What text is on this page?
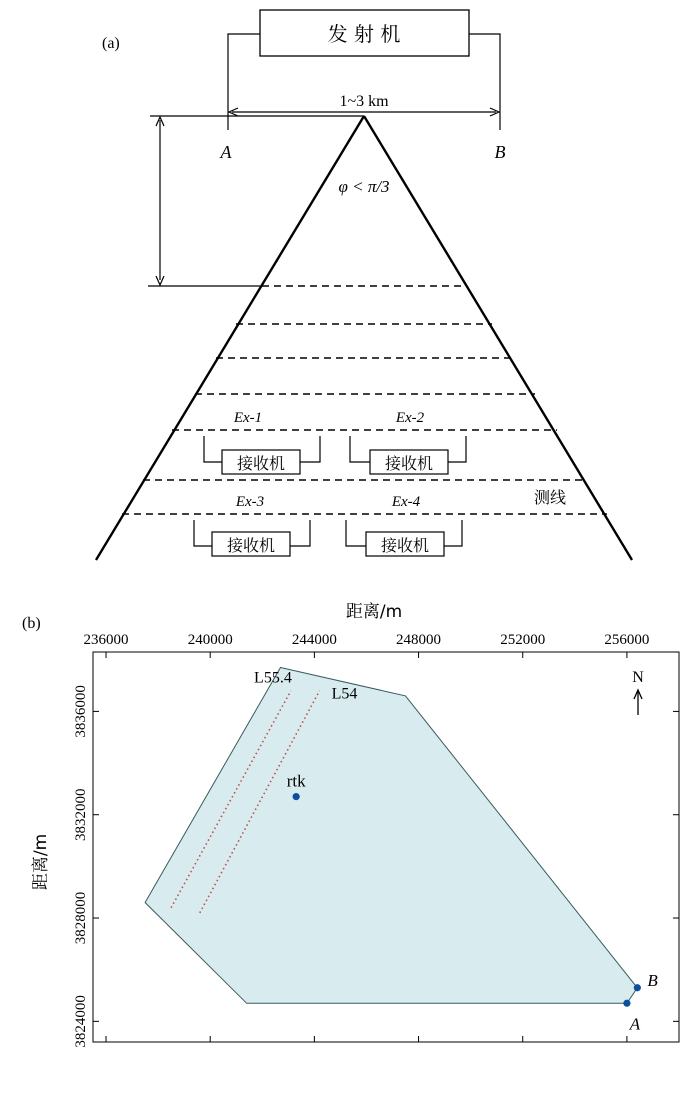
(a)	发 射 机
1~3 km
A	B
φ < π/3
Ex-1	Ex-2
Ex-3	Ex-4
接收机	接收机
接收机	接收机
测线
(b)
距离/m
距离/m
236000	240000	244000	248000	252000	256000
3836000
3832000
3828000
3824000
L55.4
L54
rtk
A
B
N
